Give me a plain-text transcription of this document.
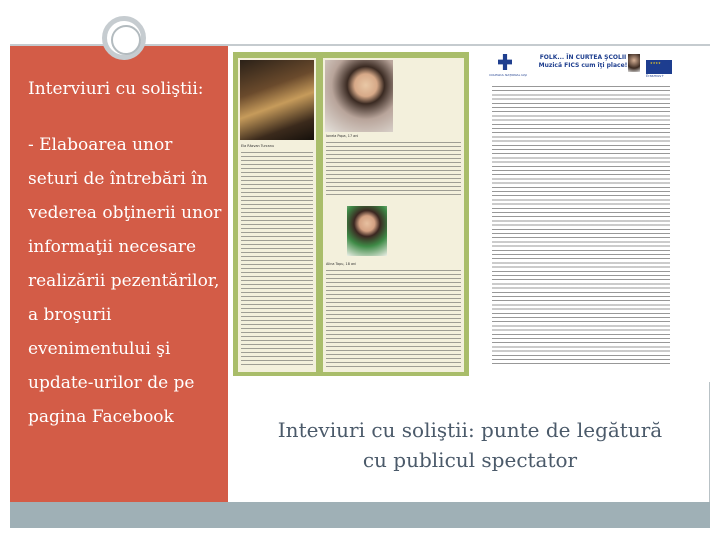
Interviuri cu soliştii:
- Elaboarea unor seturi de întrebări în vederea obţinerii unor informaţii necesare realizării pezentărilor, a broşurii evenimentului şi update-urilor de pe pagina Facebook
Ela Răzvan Turcanu
Ionela Popa, 17 ani
Alina Tapu, 18 ani
COLEGIUL NAŢIONAL IAŞI
FOLK... ÎN CURTEA ŞCOLII Muzică FICS cum îţi place!
★★★★
Erasmus+
Inteviuri cu soliştii: punte de legătură cu publicul spectator
